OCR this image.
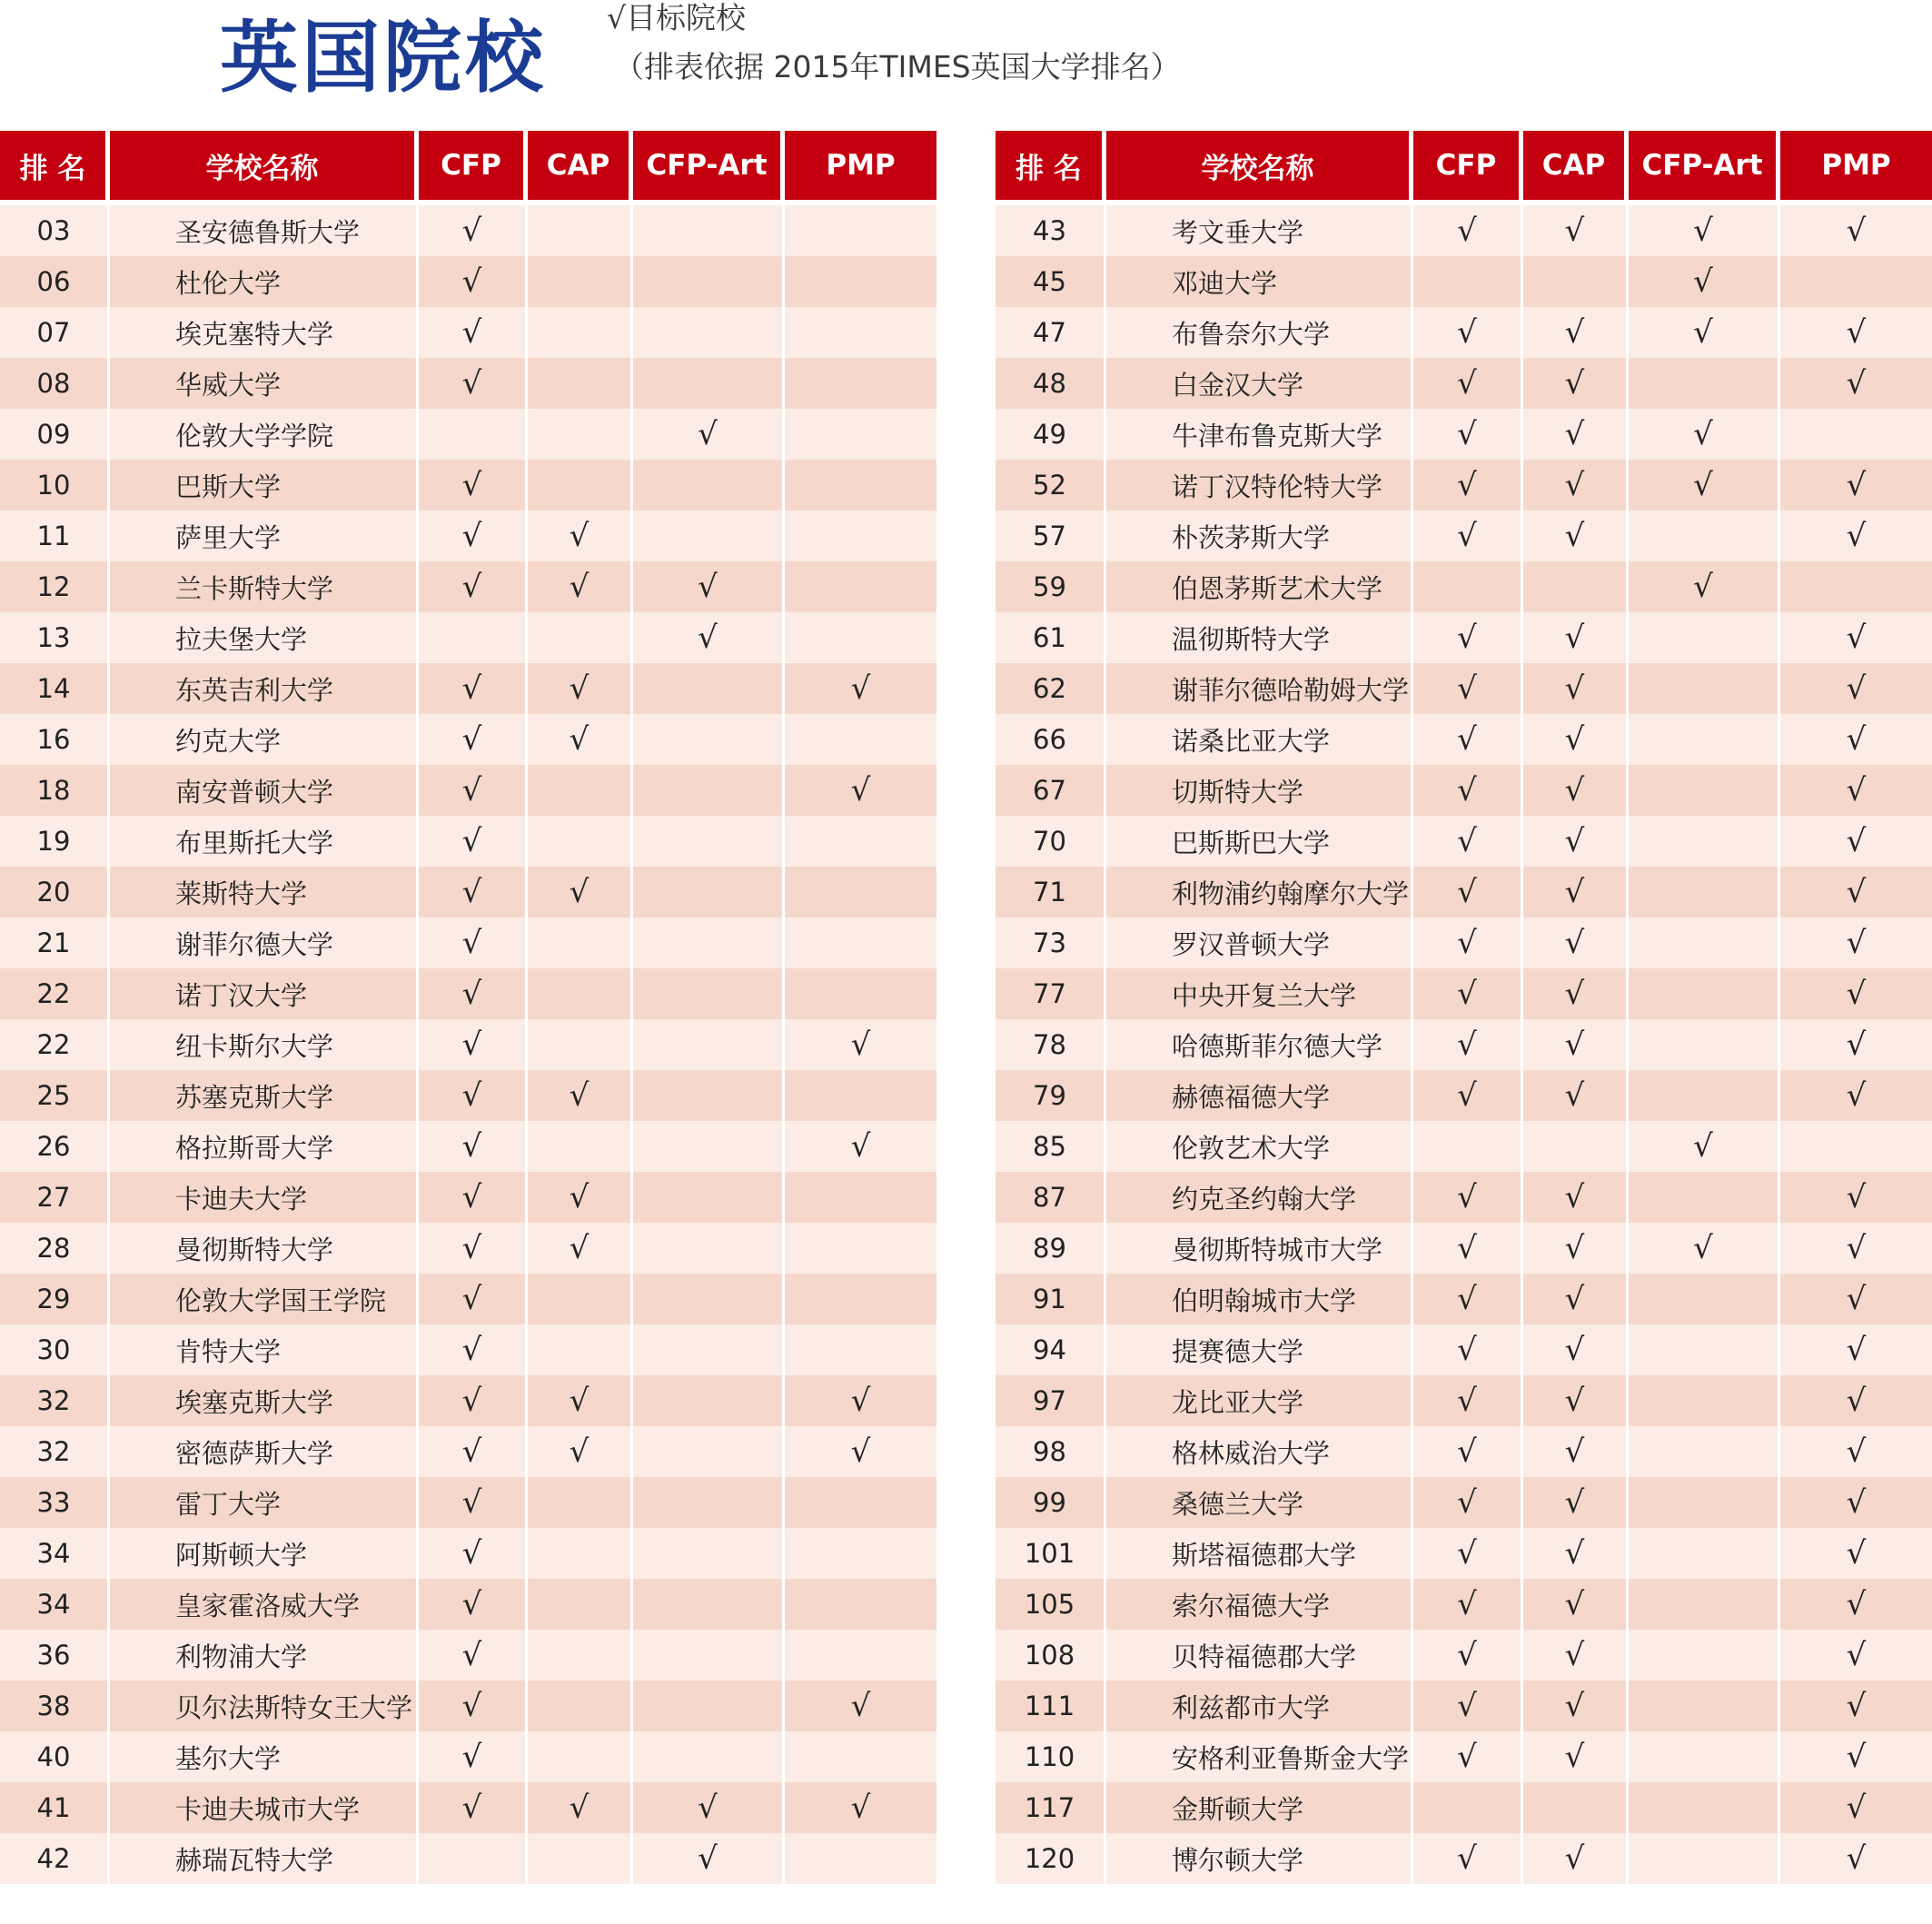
英国院校 √目标院校
（排表依据 2015年TIMES英国大学排名）
排 名	学校名称	CFP	CAP	CFP-Art	PMP

03	圣安德鲁斯大学	√			
06	杜伦大学	√			
07	埃克塞特大学	√			
08	华威大学	√			
09	伦敦大学学院			√	
10	巴斯大学	√			
11	萨里大学	√	√		
12	兰卡斯特大学	√	√	√	
13	拉夫堡大学			√	
14	东英吉利大学	√	√		√
16	约克大学	√	√		
18	南安普顿大学	√			√
19	布里斯托大学	√			
20	莱斯特大学	√	√		
21	谢菲尔德大学	√			
22	诺丁汉大学	√			
22	纽卡斯尔大学	√			√
25	苏塞克斯大学	√	√		
26	格拉斯哥大学	√			√
27	卡迪夫大学	√	√		
28	曼彻斯特大学	√	√		
29	伦敦大学国王学院	√			
30	肯特大学	√			
32	埃塞克斯大学	√	√		√
32	密德萨斯大学	√	√		√
33	雷丁大学	√			
34	阿斯顿大学	√			
34	皇家霍洛威大学	√			
36	利物浦大学	√			
38	贝尔法斯特女王大学	√			√
40	基尔大学	√			
41	卡迪夫城市大学	√	√	√	√
42	赫瑞瓦特大学			√	
排 名	学校名称	CFP	CAP	CFP-Art	PMP

43	考文垂大学	√	√	√	√
45	邓迪大学			√	
47	布鲁奈尔大学	√	√	√	√
48	白金汉大学	√	√		√
49	牛津布鲁克斯大学	√	√	√	
52	诺丁汉特伦特大学	√	√	√	√
57	朴茨茅斯大学	√	√		√
59	伯恩茅斯艺术大学			√	
61	温彻斯特大学	√	√		√
62	谢菲尔德哈勒姆大学	√	√		√
66	诺桑比亚大学	√	√		√
67	切斯特大学	√	√		√
70	巴斯斯巴大学	√	√		√
71	利物浦约翰摩尔大学	√	√		√
73	罗汉普顿大学	√	√		√
77	中央开复兰大学	√	√		√
78	哈德斯菲尔德大学	√	√		√
79	赫德福德大学	√	√		√
85	伦敦艺术大学			√	
87	约克圣约翰大学	√	√		√
89	曼彻斯特城市大学	√	√	√	√
91	伯明翰城市大学	√	√		√
94	提赛德大学	√	√		√
97	龙比亚大学	√	√		√
98	格林威治大学	√	√		√
99	桑德兰大学	√	√		√
101	斯塔福德郡大学	√	√		√
105	索尔福德大学	√	√		√
108	贝特福德郡大学	√	√		√
111	利兹都市大学	√	√		√
110	安格利亚鲁斯金大学	√	√		√
117	金斯顿大学				√
120	博尔顿大学	√	√		√
